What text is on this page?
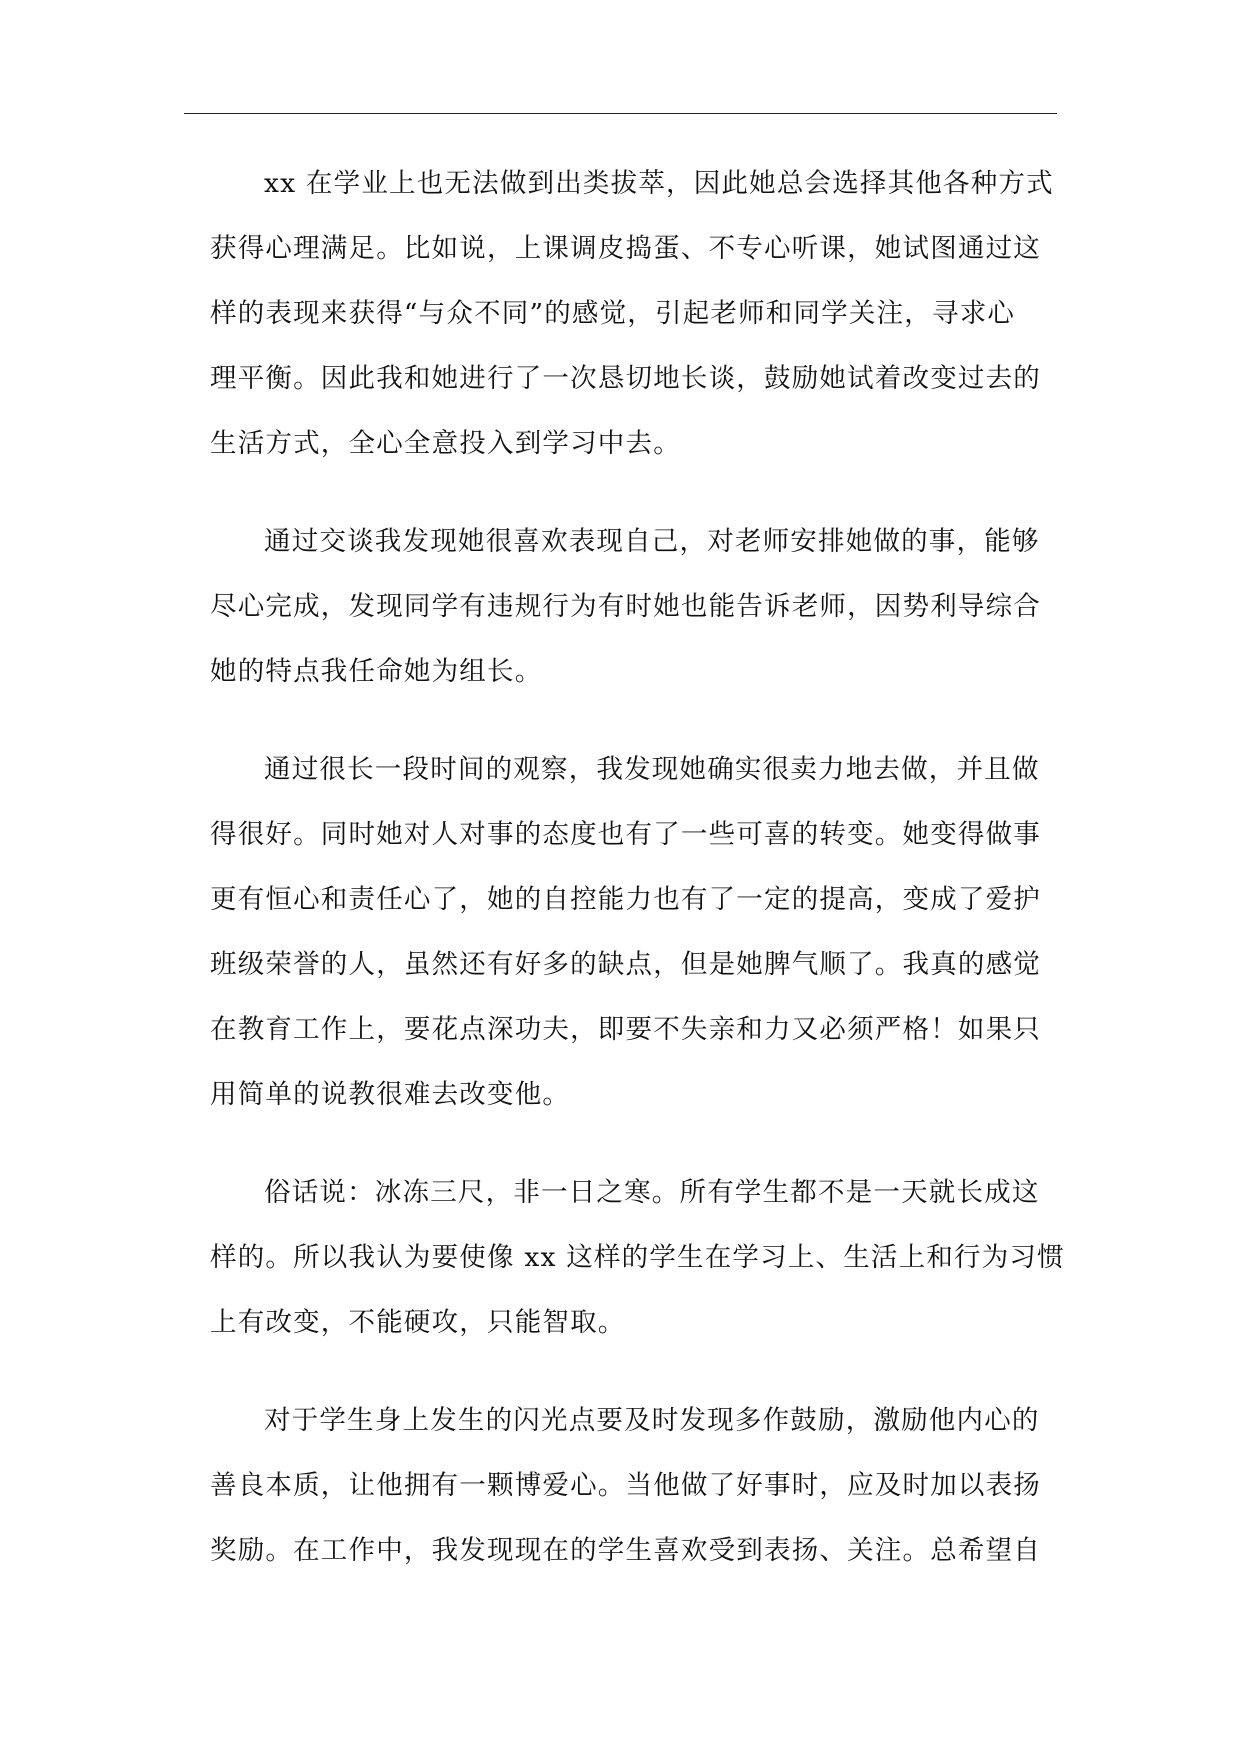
xx 在学业上也无法做到出类拔萃，因此她总会选择其他各种方式
获得心理满足。比如说，上课调皮捣蛋、不专心听课，她试图通过这
样的表现来获得“与众不同”的感觉，引起老师和同学关注，寻求心
理平衡。因此我和她进行了一次恳切地长谈，鼓励她试着改变过去的
生活方式，全心全意投入到学习中去。

通过交谈我发现她很喜欢表现自己，对老师安排她做的事，能够
尽心完成，发现同学有违规行为有时她也能告诉老师，因势利导综合
她的特点我任命她为组长。

通过很长一段时间的观察，我发现她确实很卖力地去做，并且做
得很好。同时她对人对事的态度也有了一些可喜的转变。她变得做事
更有恒心和责任心了，她的自控能力也有了一定的提高，变成了爱护
班级荣誉的人，虽然还有好多的缺点，但是她脾气顺了。我真的感觉
在教育工作上，要花点深功夫，即要不失亲和力又必须严格！如果只
用简单的说教很难去改变他。

俗话说：冰冻三尺，非一日之寒。所有学生都不是一天就长成这
样的。所以我认为要使像 xx 这样的学生在学习上、生活上和行为习惯
上有改变，不能硬攻，只能智取。

对于学生身上发生的闪光点要及时发现多作鼓励，激励他内心的
善良本质，让他拥有一颗博爱心。当他做了好事时，应及时加以表扬
奖励。在工作中，我发现现在的学生喜欢受到表扬、关注。总希望自
